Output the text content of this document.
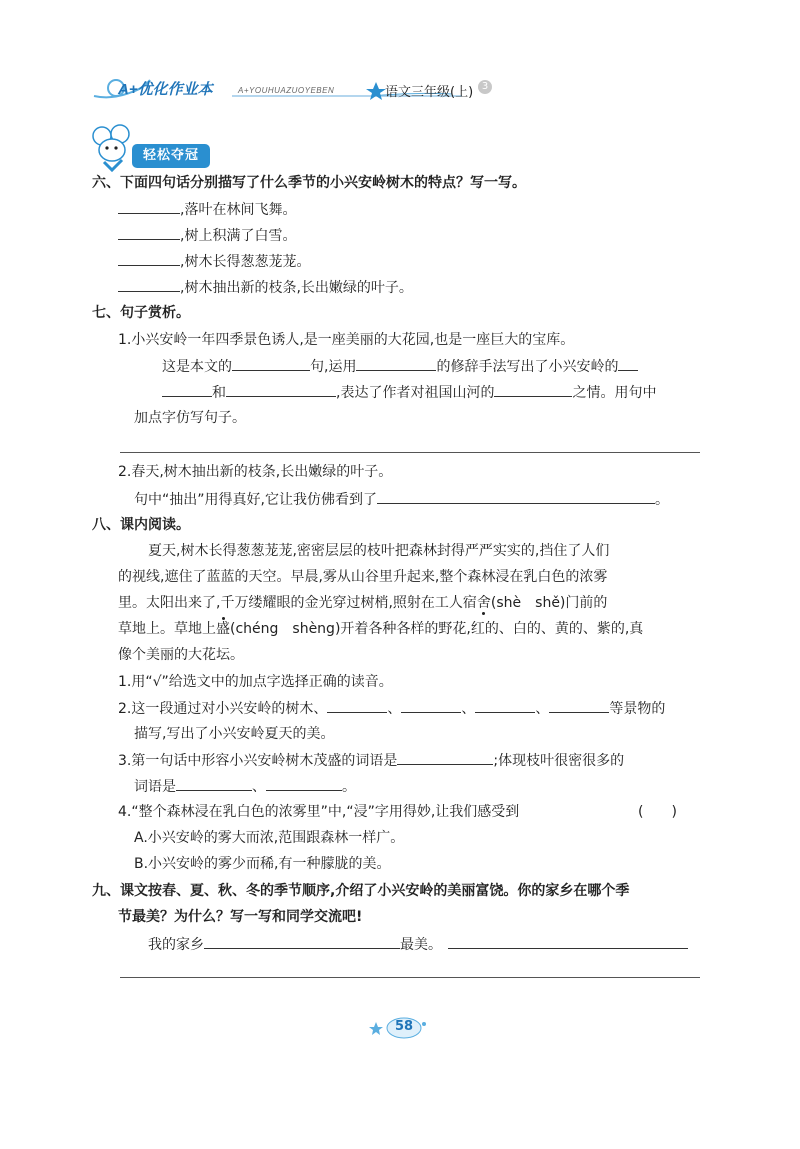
A+优化作业本	A+YOUHUAZUOYEBEN	语文三年级(上) 3
轻松夺冠
六、下面四句话分别描写了什么季节的小兴安岭树木的特点？写一写。
,落叶在林间飞舞。
,树上积满了白雪。
,树木长得葱葱茏茏。
,树木抽出新的枝条,长出嫩绿的叶子。
七、句子赏析。
1.小兴安岭一年四季景色诱人,是一座美丽的大花园,也是一座巨大的宝库。
这是本文的	句,运用	的修辞手法写出了小兴安岭的
和	,表达了作者对祖国山河的	之情。用句中
加点字仿写句子。
2.春天,树木抽出新的枝条,长出嫩绿的叶子。
句中“抽出”用得真好,它让我仿佛看到了	。
八、课内阅读。
夏天,树木长得葱葱茏茏,密密层层的枝叶把森林封得严严实实的,挡住了人们
的视线,遮住了蓝蓝的天空。早晨,雾从山谷里升起来,整个森林浸在乳白色的浓雾
里。太阳出来了,千万缕耀眼的金光穿过树梢,照射在工人宿舍(shè　shě)门前的
草地上。草地上盛(chéng　shèng)开着各种各样的野花,红的、白的、黄的、紫的,真
像个美丽的大花坛。
1.用“√”给选文中的加点字选择正确的读音。
2.这一段通过对小兴安岭的树木、	、	、	、	等景物的
描写,写出了小兴安岭夏天的美。
3.第一句话中形容小兴安岭树木茂盛的词语是	;体现枝叶很密很多的
词语是	、	。
4.“整个森林浸在乳白色的浓雾里”中,“浸”字用得妙,让我们感受到	(　　)
A.小兴安岭的雾大而浓,范围跟森林一样广。
B.小兴安岭的雾少而稀,有一种朦胧的美。
九、课文按春、夏、秋、冬的季节顺序,介绍了小兴安岭的美丽富饶。你的家乡在哪个季
节最美？为什么？写一写和同学交流吧!
我的家乡	最美。
58
